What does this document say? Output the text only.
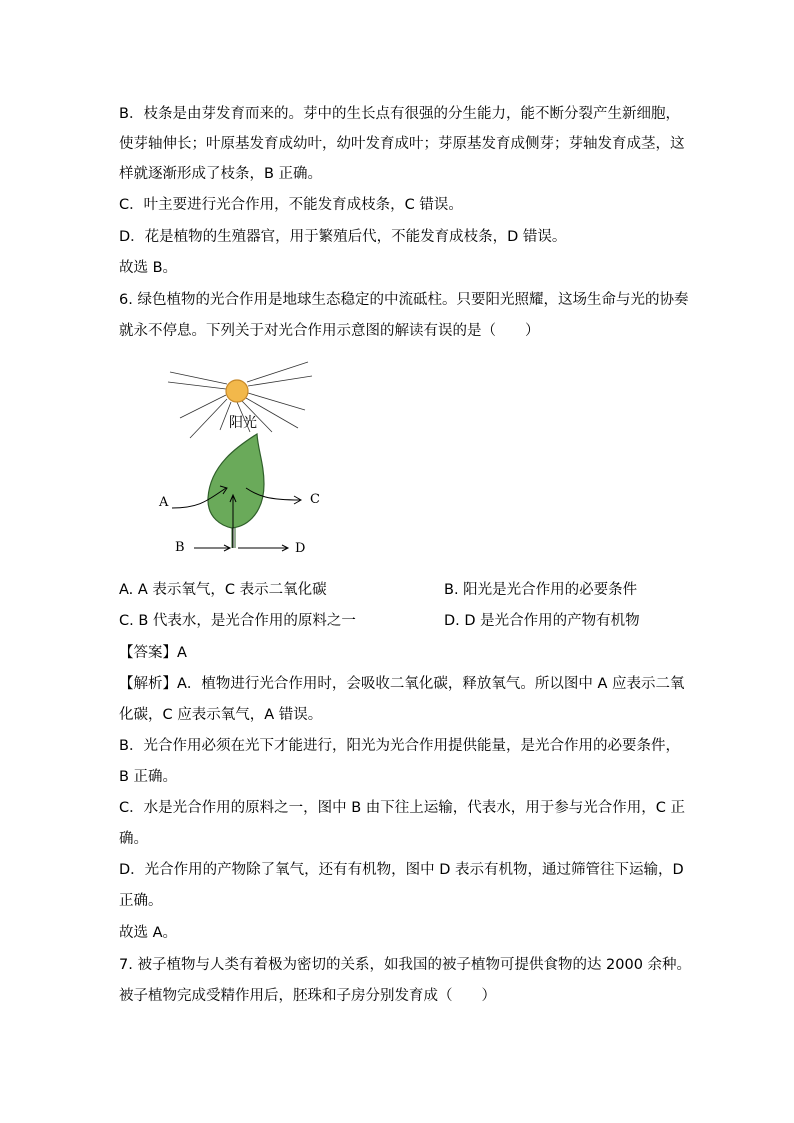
B．枝条是由芽发育而来的。芽中的生长点有很强的分生能力，能不断分裂产生新细胞，
使芽轴伸长；叶原基发育成幼叶，幼叶发育成叶；芽原基发育成侧芽；芽轴发育成茎，这
样就逐渐形成了枝条，B 正确。
C．叶主要进行光合作用，不能发育成枝条，C 错误。
D．花是植物的生殖器官，用于繁殖后代，不能发育成枝条，D 错误。
故选 B。
6. 绿色植物的光合作用是地球生态稳定的中流砥柱。只要阳光照耀，这场生命与光的协奏
就永不停息。下列关于对光合作用示意图的解读有误的是（　　）
阳光
A	C
B	D
A. A 表示氧气，C 表示二氧化碳	B. 阳光是光合作用的必要条件
C. B 代表水，是光合作用的原料之一	D. D 是光合作用的产物有机物
【答案】A
【解析】A．植物进行光合作用时，会吸收二氧化碳，释放氧气。所以图中 A 应表示二氧
化碳，C 应表示氧气，A 错误。
B．光合作用必须在光下才能进行，阳光为光合作用提供能量，是光合作用的必要条件，
B 正确。
C．水是光合作用的原料之一，图中 B 由下往上运输，代表水，用于参与光合作用，C 正
确。
D．光合作用的产物除了氧气，还有有机物，图中 D 表示有机物，通过筛管往下运输，D
正确。
故选 A。
7. 被子植物与人类有着极为密切的关系，如我国的被子植物可提供食物的达 2000 余种。
被子植物完成受精作用后，胚珠和子房分别发育成（　　）
